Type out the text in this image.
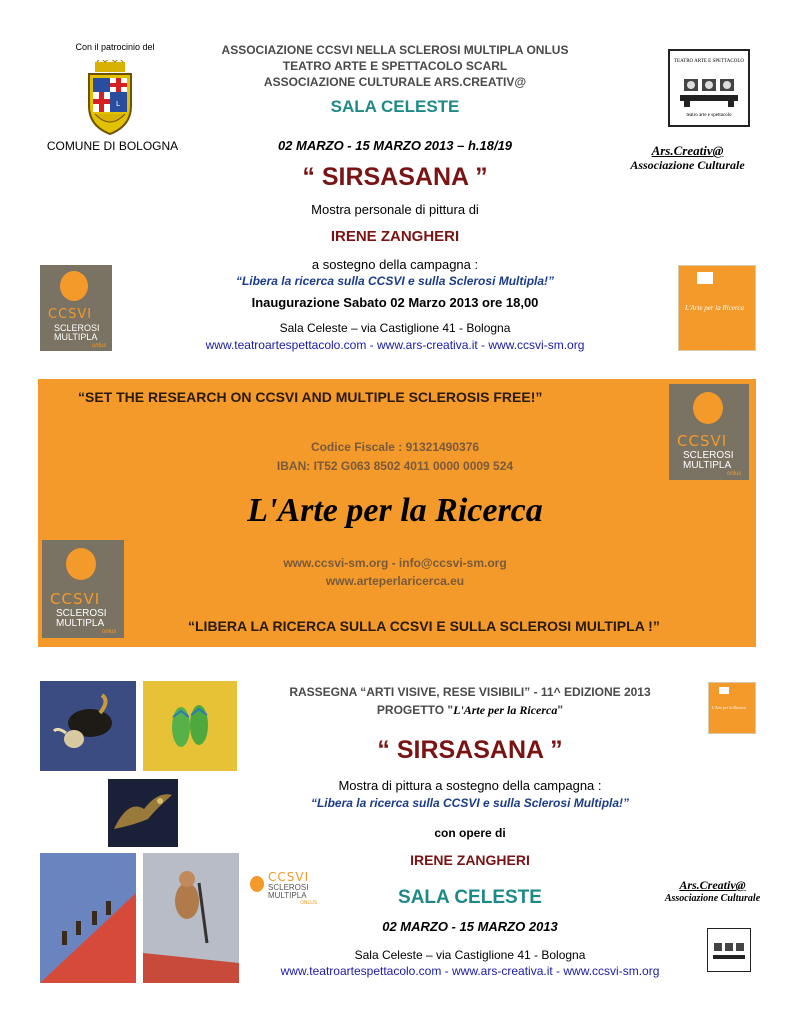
Con il patrocinio del
L
COMUNE DI BOLOGNA
ASSOCIAZIONE CCSVI NELLA SCLEROSI MULTIPLA ONLUS
TEATRO ARTE E SPETTACOLO SCARL
ASSOCIAZIONE CULTURALE ARS.CREATIV@
SALA CELESTE
02 MARZO - 15 MARZO 2013 – h.18/19
“ SIRSASANA ”
Mostra personale di pittura di
IRENE ZANGHERI
a sostegno della campagna :
“Libera la ricerca sulla CCSVI e sulla Sclerosi Multipla!”
Inaugurazione Sabato 02 Marzo 2013 ore 18,00
Sala Celeste – via Castiglione 41 - Bologna
www.teatroartespettacolo.com - www.ars-creativa.it - www.ccsvi-sm.org
TEATRO ARTE E SPETTACOLO
teatro arte e spettacolo
Ars.Creativ@
Associazione Culturale
CCSVI
SCLEROSI
MULTIPLA
onlus
L'Arte per la Ricerca
“SET THE RESEARCH ON CCSVI AND MULTIPLE SCLEROSIS FREE!”
Codice Fiscale : 91321490376
IBAN: IT52 G063 8502 4011 0000 0009 524
L'Arte per la Ricerca
www.ccsvi-sm.org - info@ccsvi-sm.org
www.arteperlaricerca.eu
“LIBERA LA RICERCA SULLA CCSVI E SULLA SCLEROSI MULTIPLA !”
CCSVI
SCLEROSI
MULTIPLA
onlus
CCSVI
SCLEROSI
MULTIPLA
onlus
RASSEGNA “ARTI VISIVE, RESE VISIBILI” - 11^ EDIZIONE 2013
PROGETTO "L'Arte per la Ricerca"
“ SIRSASANA ”
Mostra di pittura a sostegno della campagna :
“Libera la ricerca sulla CCSVI e sulla Sclerosi Multipla!”
con opere di
IRENE ZANGHERI
SALA CELESTE
02 MARZO - 15 MARZO 2013
Sala Celeste – via Castiglione 41 - Bologna
www.teatroartespettacolo.com - www.ars-creativa.it - www.ccsvi-sm.org
L'Arte per la Ricerca
CCSVI
SCLEROSI
MULTIPLA
ONLUS
Ars.Creativ@
Associazione Culturale
